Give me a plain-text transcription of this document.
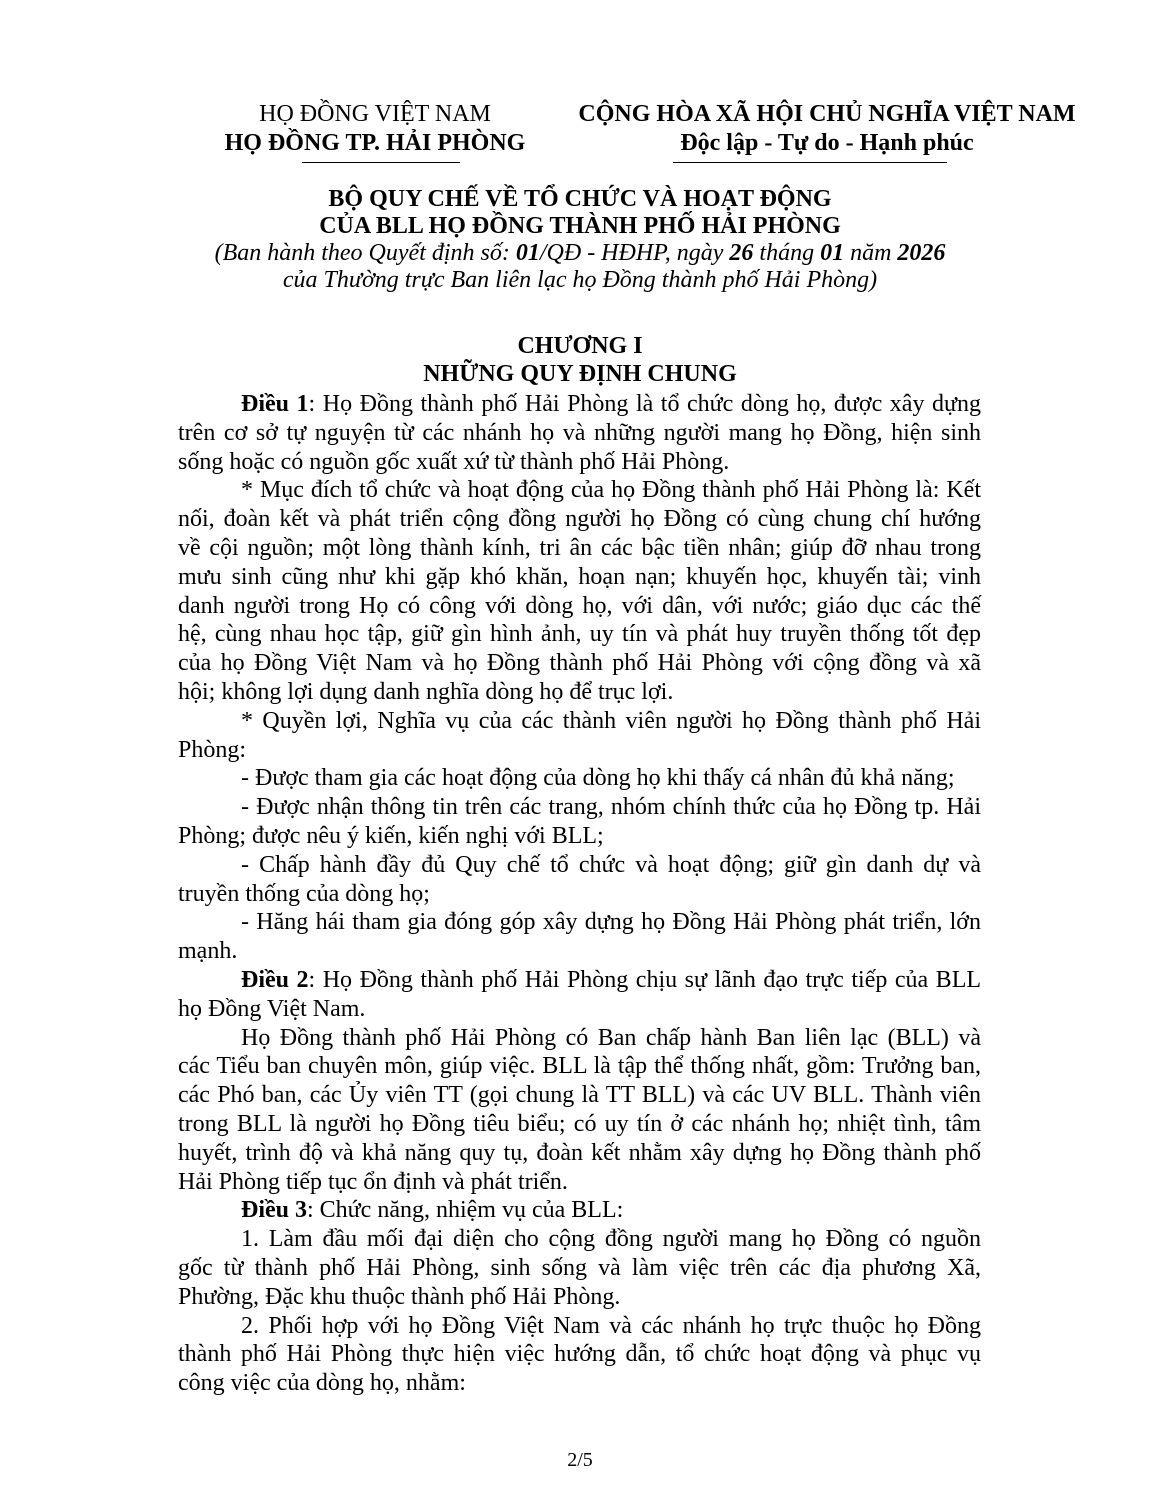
HỌ ĐỒNG VIỆT NAM
HỌ ĐỒNG TP. HẢI PHÒNG
CỘNG HÒA XÃ HỘI CHỦ NGHĨA VIỆT NAM
Độc lập - Tự do - Hạnh phúc
BỘ QUY CHẾ VỀ TỔ CHỨC VÀ HOẠT ĐỘNG
CỦA BLL HỌ ĐỒNG THÀNH PHỐ HẢI PHÒNG
(Ban hành theo Quyết định số: 01/QĐ - HĐHP, ngày 26 tháng 01 năm 2026
của Thường trực Ban liên lạc họ Đồng thành phố Hải Phòng)
CHƯƠNG I
NHỮNG QUY ĐỊNH CHUNG
Điều 1: Họ Đồng thành phố Hải Phòng là tổ chức dòng họ, được xây dựng
trên cơ sở tự nguyện từ các nhánh họ và những người mang họ Đồng, hiện sinh
sống hoặc có nguồn gốc xuất xứ từ thành phố Hải Phòng.
* Mục đích tổ chức và hoạt động của họ Đồng thành phố Hải Phòng là: Kết
nối, đoàn kết và phát triển cộng đồng người họ Đồng có cùng chung chí hướng
về cội nguồn; một lòng thành kính, tri ân các bậc tiền nhân; giúp đỡ nhau trong
mưu sinh cũng như khi gặp khó khăn, hoạn nạn; khuyến học, khuyến tài; vinh
danh người trong Họ có công với dòng họ, với dân, với nước; giáo dục các thế
hệ, cùng nhau học tập, giữ gìn hình ảnh, uy tín và phát huy truyền thống tốt đẹp
của họ Đồng Việt Nam và họ Đồng thành phố Hải Phòng với cộng đồng và xã
hội; không lợi dụng danh nghĩa dòng họ để trục lợi.
* Quyền lợi, Nghĩa vụ của các thành viên người họ Đồng thành phố Hải
Phòng:
- Được tham gia các hoạt động của dòng họ khi thấy cá nhân đủ khả năng;
- Được nhận thông tin trên các trang, nhóm chính thức của họ Đồng tp. Hải
Phòng; được nêu ý kiến, kiến nghị với BLL;
- Chấp hành đầy đủ Quy chế tổ chức và hoạt động; giữ gìn danh dự và
truyền thống của dòng họ;
- Hăng hái tham gia đóng góp xây dựng họ Đồng Hải Phòng phát triển, lớn
mạnh.
Điều 2: Họ Đồng thành phố Hải Phòng chịu sự lãnh đạo trực tiếp của BLL
họ Đồng Việt Nam.
Họ Đồng thành phố Hải Phòng có Ban chấp hành Ban liên lạc (BLL) và
các Tiểu ban chuyên môn, giúp việc. BLL là tập thể thống nhất, gồm: Trưởng ban,
các Phó ban, các Ủy viên TT (gọi chung là TT BLL) và các UV BLL. Thành viên
trong BLL là người họ Đồng tiêu biểu; có uy tín ở các nhánh họ; nhiệt tình, tâm
huyết, trình độ và khả năng quy tụ, đoàn kết nhằm xây dựng họ Đồng thành phố
Hải Phòng tiếp tục ổn định và phát triển.
Điều 3: Chức năng, nhiệm vụ của BLL:
1. Làm đầu mối đại diện cho cộng đồng người mang họ Đồng có nguồn
gốc từ thành phố Hải Phòng, sinh sống và làm việc trên các địa phương Xã,
Phường, Đặc khu thuộc thành phố Hải Phòng.
2. Phối hợp với họ Đồng Việt Nam và các nhánh họ trực thuộc họ Đồng
thành phố Hải Phòng thực hiện việc hướng dẫn, tổ chức hoạt động và phục vụ
công việc của dòng họ, nhằm:
2/5
